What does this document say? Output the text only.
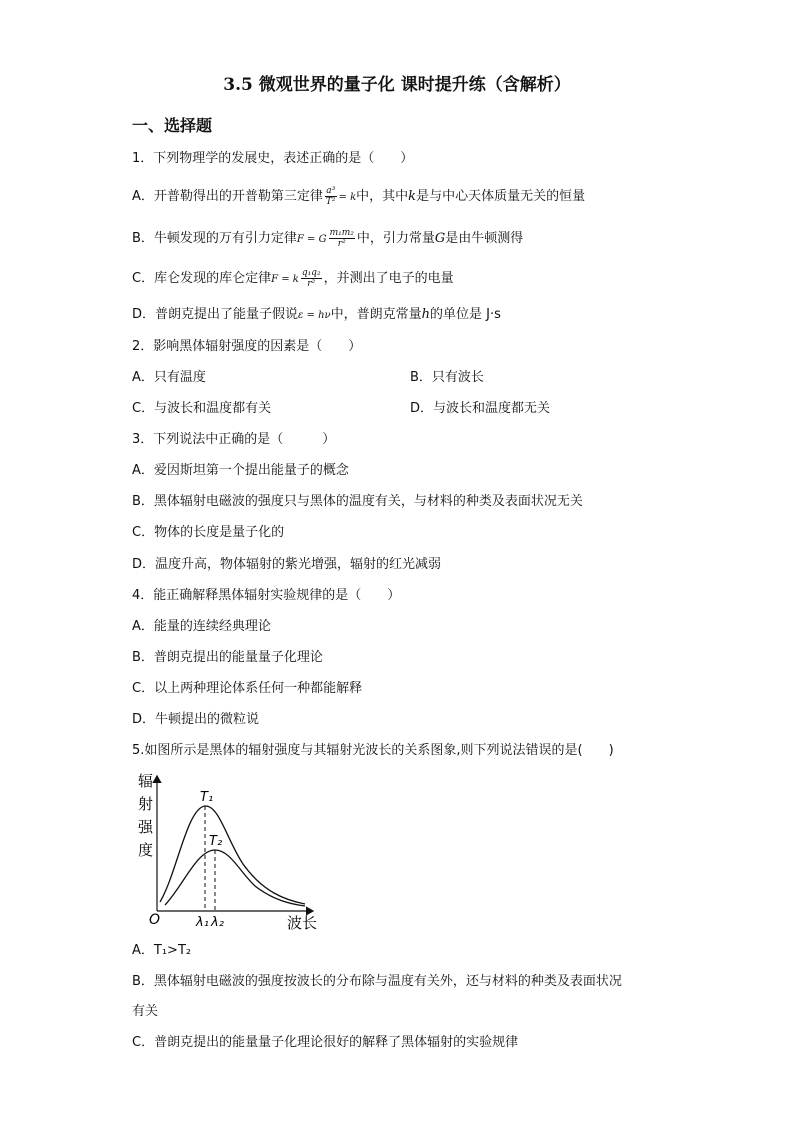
3.5 微观世界的量子化 课时提升练（含解析）
一、选择题
1．下列物理学的发展史，表述正确的是（　　）
A．开普勒得出的开普勒第三定律 $\frac{\text{a³}}{\text{T²}} = k$中，其中k是与中心天体质量无关的恒量
B．牛顿发现的万有引力定律F = G $\frac{\text{m₁m₂}}{\text{r²}}$ 中，引力常量G是由牛顿测得
C．库仑发现的库仑定律F = k $\frac{\text{q₁q₂}}{\text{r²}}$ ，并测出了电子的电量
D．普朗克提出了能量子假说ε = hν中，普朗克常量h的单位是 J·s
2．影响黑体辐射强度的因素是（　　）
A．只有温度	B．只有波长
C．与波长和温度都有关	D．与波长和温度都无关
3．下列说法中正确的是（　　　）
A．爱因斯坦第一个提出能量子的概念
B．黑体辐射电磁波的强度只与黑体的温度有关，与材料的种类及表面状况无关
C．物体的长度是量子化的
D．温度升高，物体辐射的紫光增强，辐射的红光减弱
4．能正确解释黑体辐射实验规律的是（　　）
A．能量的连续经典理论
B．普朗克提出的能量量子化理论
C．以上两种理论体系任何一种都能解释
D．牛顿提出的微粒说
5.如图所示是黑体的辐射强度与其辐射光波长的关系图象,则下列说法错误的是(　　)
辐
射
强
度
O	波长
T₁
T₂
λ₁ λ₂
A．T₁>T₂
B．黑体辐射电磁波的强度按波长的分布除与温度有关外，还与材料的种类及表面状况
有关
C．普朗克提出的能量量子化理论很好的解释了黑体辐射的实验规律
